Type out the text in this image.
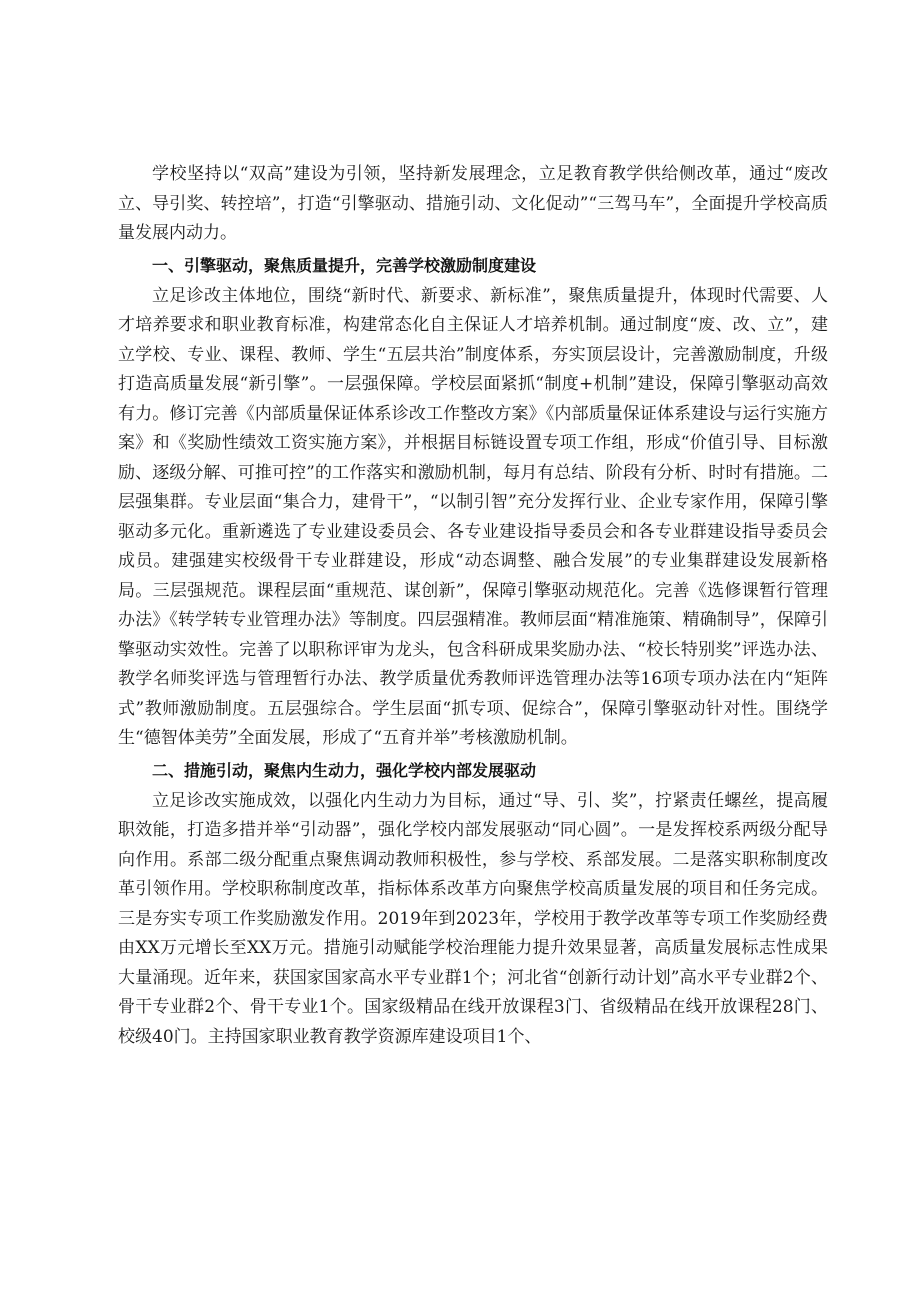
学校坚持以“双高”建设为引领，坚持新发展理念，立足教育教学供给侧改革，通过“废改立、导引奖、转控培”，打造“引擎驱动、措施引动、文化促动”“三驾马车”，全面提升学校高质量发展内动力。

一、引擎驱动，聚焦质量提升，完善学校激励制度建设

立足诊改主体地位，围绕“新时代、新要求、新标准”，聚焦质量提升，体现时代需要、人才培养要求和职业教育标准，构建常态化自主保证人才培养机制。通过制度“废、改、立”，建立学校、专业、课程、教师、学生“五层共治”制度体系，夯实顶层设计，完善激励制度，升级打造高质量发展“新引擎”。一层强保障。学校层面紧抓“制度+机制”建设，保障引擎驱动高效有力。修订完善《内部质量保证体系诊改工作整改方案》《内部质量保证体系建设与运行实施方案》和《奖励性绩效工资实施方案》，并根据目标链设置专项工作组，形成“价值引导、目标激励、逐级分解、可推可控”的工作落实和激励机制，每月有总结、阶段有分析、时时有措施。二层强集群。专业层面“集合力，建骨干”，“以制引智”充分发挥行业、企业专家作用，保障引擎驱动多元化。重新遴选了专业建设委员会、各专业建设指导委员会和各专业群建设指导委员会成员。建强建实校级骨干专业群建设，形成“动态调整、融合发展”的专业集群建设发展新格局。三层强规范。课程层面“重规范、谋创新”，保障引擎驱动规范化。完善《选修课暂行管理办法》《转学转专业管理办法》等制度。四层强精准。教师层面“精准施策、精确制导”，保障引擎驱动实效性。完善了以职称评审为龙头，包含科研成果奖励办法、“校长特别奖”评选办法、教学名师奖评选与管理暂行办法、教学质量优秀教师评选管理办法等16项专项办法在内“矩阵式”教师激励制度。五层强综合。学生层面“抓专项、促综合”，保障引擎驱动针对性。围绕学生“德智体美劳”全面发展，形成了“五育并举”考核激励机制。

二、措施引动，聚焦内生动力，强化学校内部发展驱动

立足诊改实施成效，以强化内生动力为目标，通过“导、引、奖”，拧紧责任螺丝，提高履职效能，打造多措并举“引动器”，强化学校内部发展驱动“同心圆”。一是发挥校系两级分配导向作用。系部二级分配重点聚焦调动教师积极性，参与学校、系部发展。二是落实职称制度改革引领作用。学校职称制度改革，指标体系改革方向聚焦学校高质量发展的项目和任务完成。三是夯实专项工作奖励激发作用。2019年到2023年，学校用于教学改革等专项工作奖励经费由XX万元增长至XX万元。措施引动赋能学校治理能力提升效果显著，高质量发展标志性成果大量涌现。近年来，获国家国家高水平专业群1个；河北省“创新行动计划”高水平专业群2个、骨干专业群2个、骨干专业1个。国家级精品在线开放课程3门、省级精品在线开放课程28门、校级40门。主持国家职业教育教学资源库建设项目1个、
